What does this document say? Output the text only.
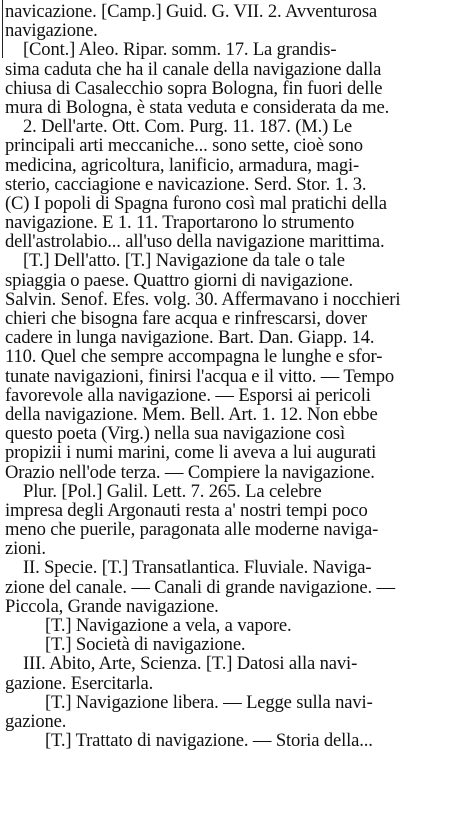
navicazione. [Camp.] Guid. G. VII. 2. Avventurosa
navigazione.
[Cont.] Aleo. Ripar. somm. 17. La grandis-
sima caduta che ha il canale della navigazione dalla
chiusa di Casalecchio sopra Bologna, fin fuori delle
mura di Bologna, è stata veduta e considerata da me.
2. Dell'arte. Ott. Com. Purg. 11. 187. (M.) Le
principali arti meccaniche... sono sette, cioè sono
medicina, agricoltura, lanificio, armadura, magi-
sterio, cacciagione e navicazione. Serd. Stor. 1. 3.
(C) I popoli di Spagna furono così mal pratichi della
navigazione. E 1. 11. Traportarono lo strumento
dell'astrolabio... all'uso della navigazione marittima.
[T.] Dell'atto. [T.] Navigazione da tale o tale
spiaggia o paese. Quattro giorni di navigazione.
Salvin. Senof. Efes. volg. 30. Affermavano i nocchieri
chieri che bisogna fare acqua e rinfrescarsi, dover
cadere in lunga navigazione. Bart. Dan. Giapp. 14.
110. Quel che sempre accompagna le lunghe e sfor-
tunate navigazioni, finirsi l'acqua e il vitto. — Tempo
favorevole alla navigazione. — Esporsi ai pericoli
della navigazione. Mem. Bell. Art. 1. 12. Non ebbe
questo poeta (Virg.) nella sua navigazione così
propizii i numi marini, come li aveva a lui augurati
Orazio nell'ode terza. — Compiere la navigazione.
Plur. [Pol.] Galil. Lett. 7. 265. La celebre
impresa degli Argonauti resta a' nostri tempi poco
meno che puerile, paragonata alle moderne naviga-
zioni.
II. Specie. [T.] Transatlantica. Fluviale. Naviga-
zione del canale. — Canali di grande navigazione. —
Piccola, Grande navigazione.
[T.] Navigazione a vela, a vapore.
[T.] Società di navigazione.
III. Abito, Arte, Scienza. [T.] Datosi alla navi-
gazione. Esercitarla.
[T.] Navigazione libera. — Legge sulla navi-
gazione.
[T.] Trattato di navigazione. — Storia della...
